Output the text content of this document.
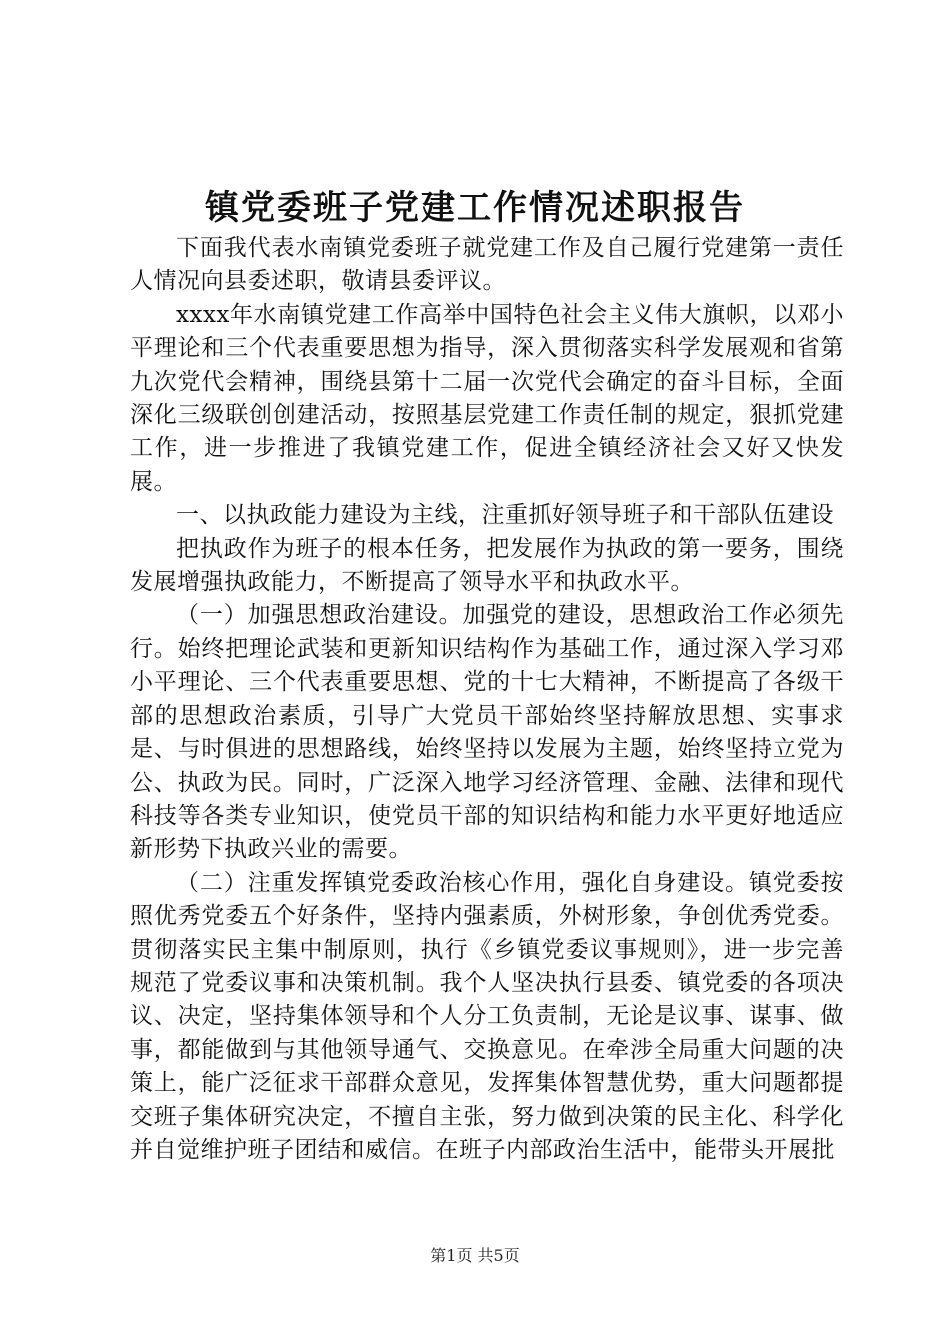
镇党委班子党建工作情况述职报告

下面我代表水南镇党委班子就党建工作及自己履行党建第一责任人情况向县委述职，敬请县委评议。

xxxx年水南镇党建工作高举中国特色社会主义伟大旗帜，以邓小平理论和三个代表重要思想为指导，深入贯彻落实科学发展观和省第九次党代会精神，围绕县第十二届一次党代会确定的奋斗目标，全面深化三级联创创建活动，按照基层党建工作责任制的规定，狠抓党建工作，进一步推进了我镇党建工作，促进全镇经济社会又好又快发展。

一、以执政能力建设为主线，注重抓好领导班子和干部队伍建设

把执政作为班子的根本任务，把发展作为执政的第一要务，围绕发展增强执政能力，不断提高了领导水平和执政水平。

（一）加强思想政治建设。加强党的建设，思想政治工作必须先行。始终把理论武装和更新知识结构作为基础工作，通过深入学习邓小平理论、三个代表重要思想、党的十七大精神，不断提高了各级干部的思想政治素质，引导广大党员干部始终坚持解放思想、实事求是、与时俱进的思想路线，始终坚持以发展为主题，始终坚持立党为公、执政为民。同时，广泛深入地学习经济管理、金融、法律和现代科技等各类专业知识，使党员干部的知识结构和能力水平更好地适应新形势下执政兴业的需要。

（二）注重发挥镇党委政治核心作用，强化自身建设。镇党委按照优秀党委五个好条件，坚持内强素质，外树形象，争创优秀党委。贯彻落实民主集中制原则，执行《乡镇党委议事规则》，进一步完善规范了党委议事和决策机制。我个人坚决执行县委、镇党委的各项决议、决定，坚持集体领导和个人分工负责制，无论是议事、谋事、做事，都能做到与其他领导通气、交换意见。在牵涉全局重大问题的决策上，能广泛征求干部群众意见，发挥集体智慧优势，重大问题都提交班子集体研究决定，不擅自主张，努力做到决策的民主化、科学化并自觉维护班子团结和威信。在班子内部政治生活中，能带头开展批

第1页 共5页
